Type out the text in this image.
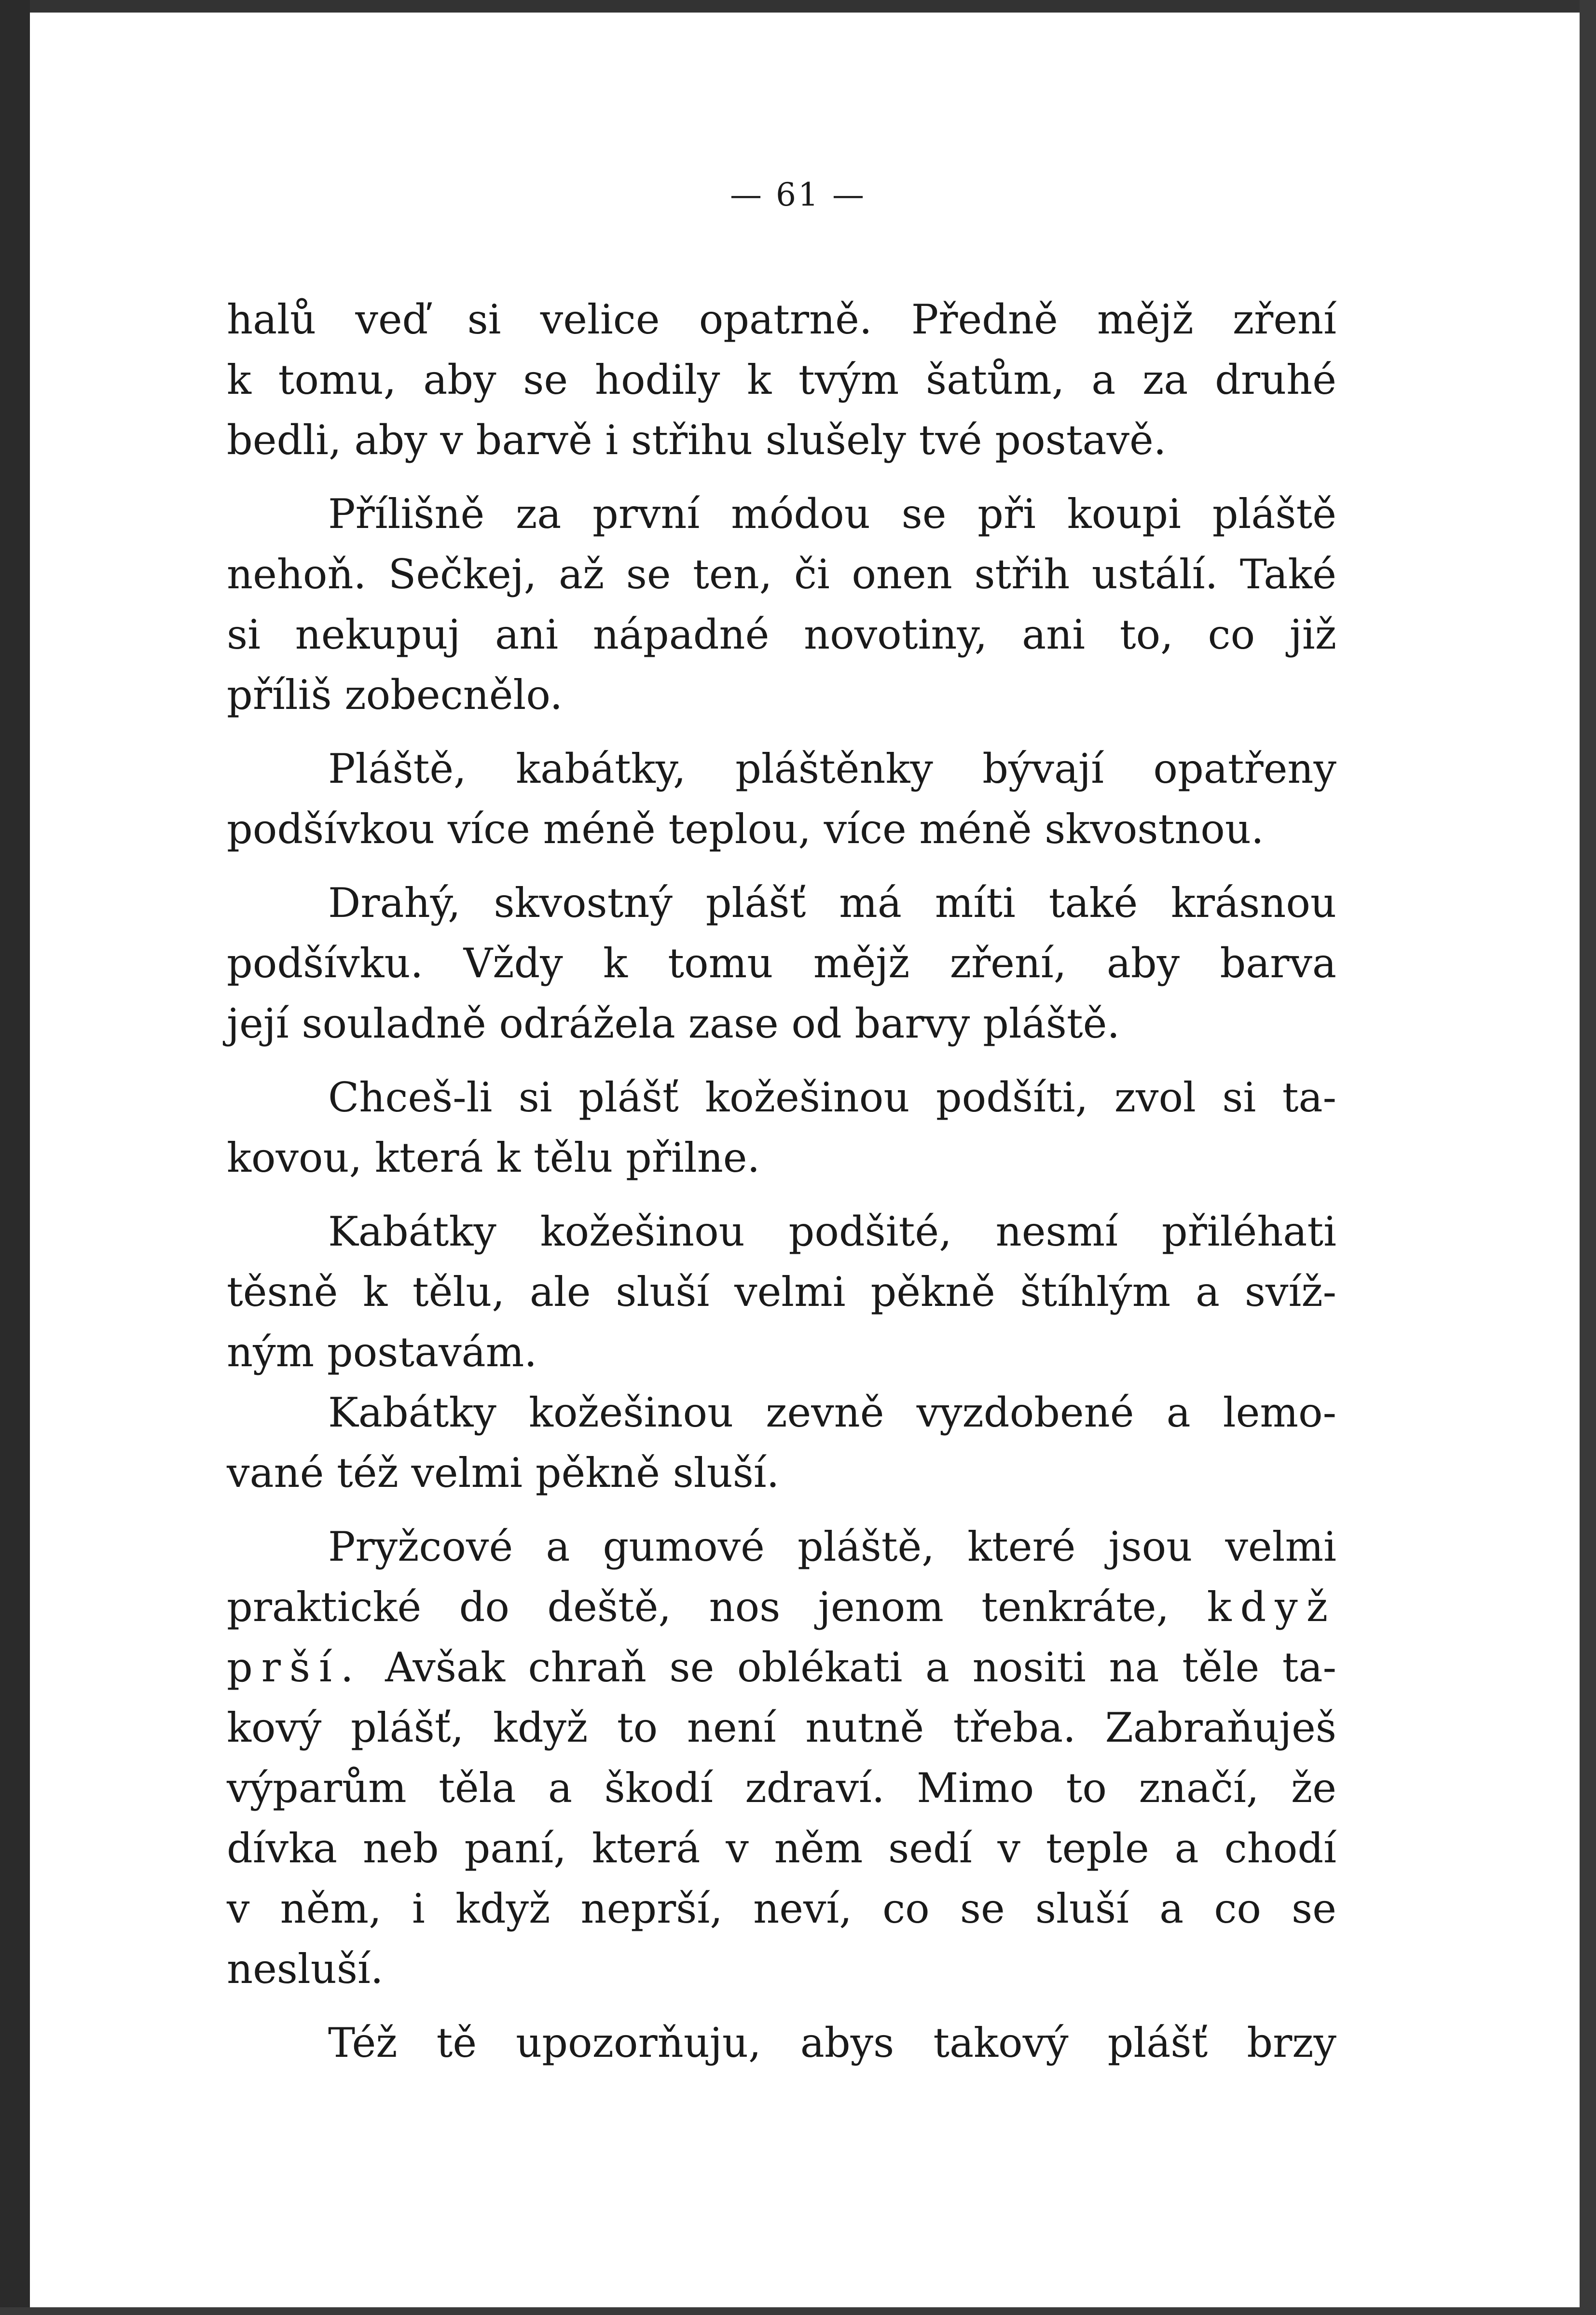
— 61 —
halů veď si velice opatrně. Předně mějž zření
k tomu, aby se hodily k tvým šatům, a za druhé
bedli, aby v barvě i střihu slušely tvé postavě.
Přílišně za první módou se při koupi pláště
nehoň. Sečkej, až se ten, či onen střih ustálí. Také
si nekupuj ani nápadné novotiny, ani to, co již
příliš zobecnělo.
Pláště, kabátky, pláštěnky bývají opatřeny
podšívkou více méně teplou, více méně skvostnou.
Drahý, skvostný plášť má míti také krásnou
podšívku. Vždy k tomu mějž zření, aby barva
její souladně odrážela zase od barvy pláště.
Chceš-li si plášť kožešinou podšíti, zvol si ta-
kovou, která k tělu přilne.
Kabátky kožešinou podšité, nesmí přiléhati
těsně k tělu, ale sluší velmi pěkně štíhlým a svíž-
ným postavám.
Kabátky kožešinou zevně vyzdobené a lemo-
vané též velmi pěkně sluší.
Pryžcové a gumové pláště, které jsou velmi
praktické do deště, nos jenom tenkráte, když
prší. Avšak chraň se oblékati a nositi na těle ta-
kový plášť, když to není nutně třeba. Zabraňuješ
výparům těla a škodí zdraví. Mimo to značí, že
dívka neb paní, která v něm sedí v teple a chodí
v něm, i když neprší, neví, co se sluší a co se
nesluší.
Též tě upozorňuju, abys takový plášť brzy
